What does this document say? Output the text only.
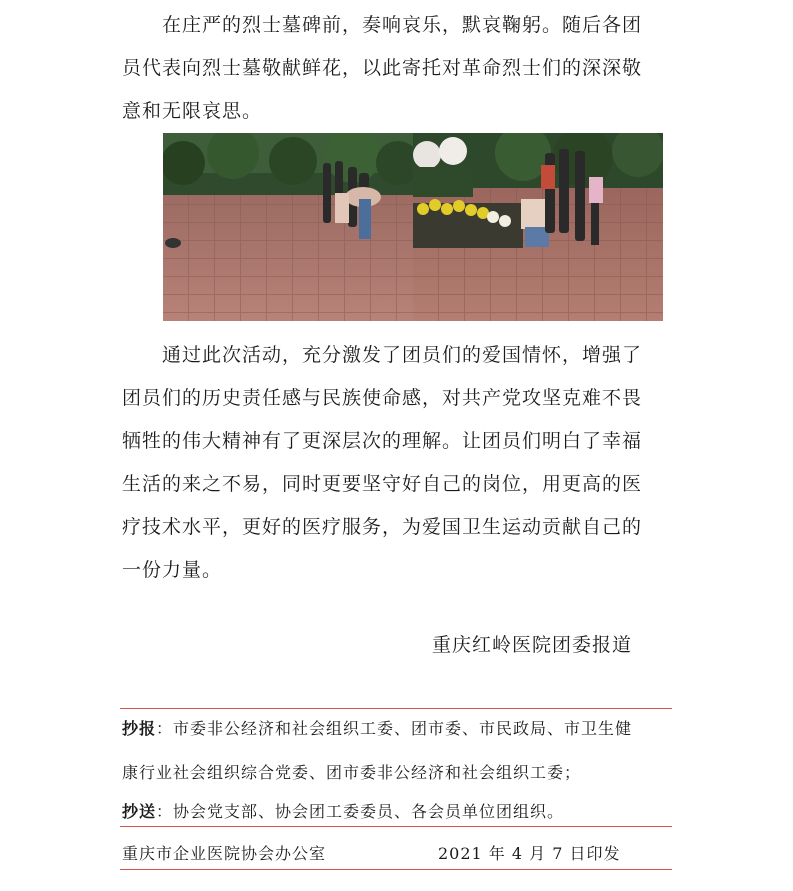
在庄严的烈士墓碑前，奏响哀乐，默哀鞠躬。随后各团
员代表向烈士墓敬献鲜花，以此寄托对革命烈士们的深深敬
意和无限哀思。

通过此次活动，充分激发了团员们的爱国情怀，增强了
团员们的历史责任感与民族使命感，对共产党攻坚克难不畏
牺牲的伟大精神有了更深层次的理解。让团员们明白了幸福
生活的来之不易，同时更要坚守好自己的岗位，用更高的医
疗技术水平，更好的医疗服务，为爱国卫生运动贡献自己的
一份力量。

重庆红岭医院团委报道
抄报：市委非公经济和社会组织工委、团市委、市民政局、市卫生健
康行业社会组织综合党委、团市委非公经济和社会组织工委；
抄送：协会党支部、协会团工委委员、各会员单位团组织。
重庆市企业医院协会办公室	2021 年 4 月 7 日印发
